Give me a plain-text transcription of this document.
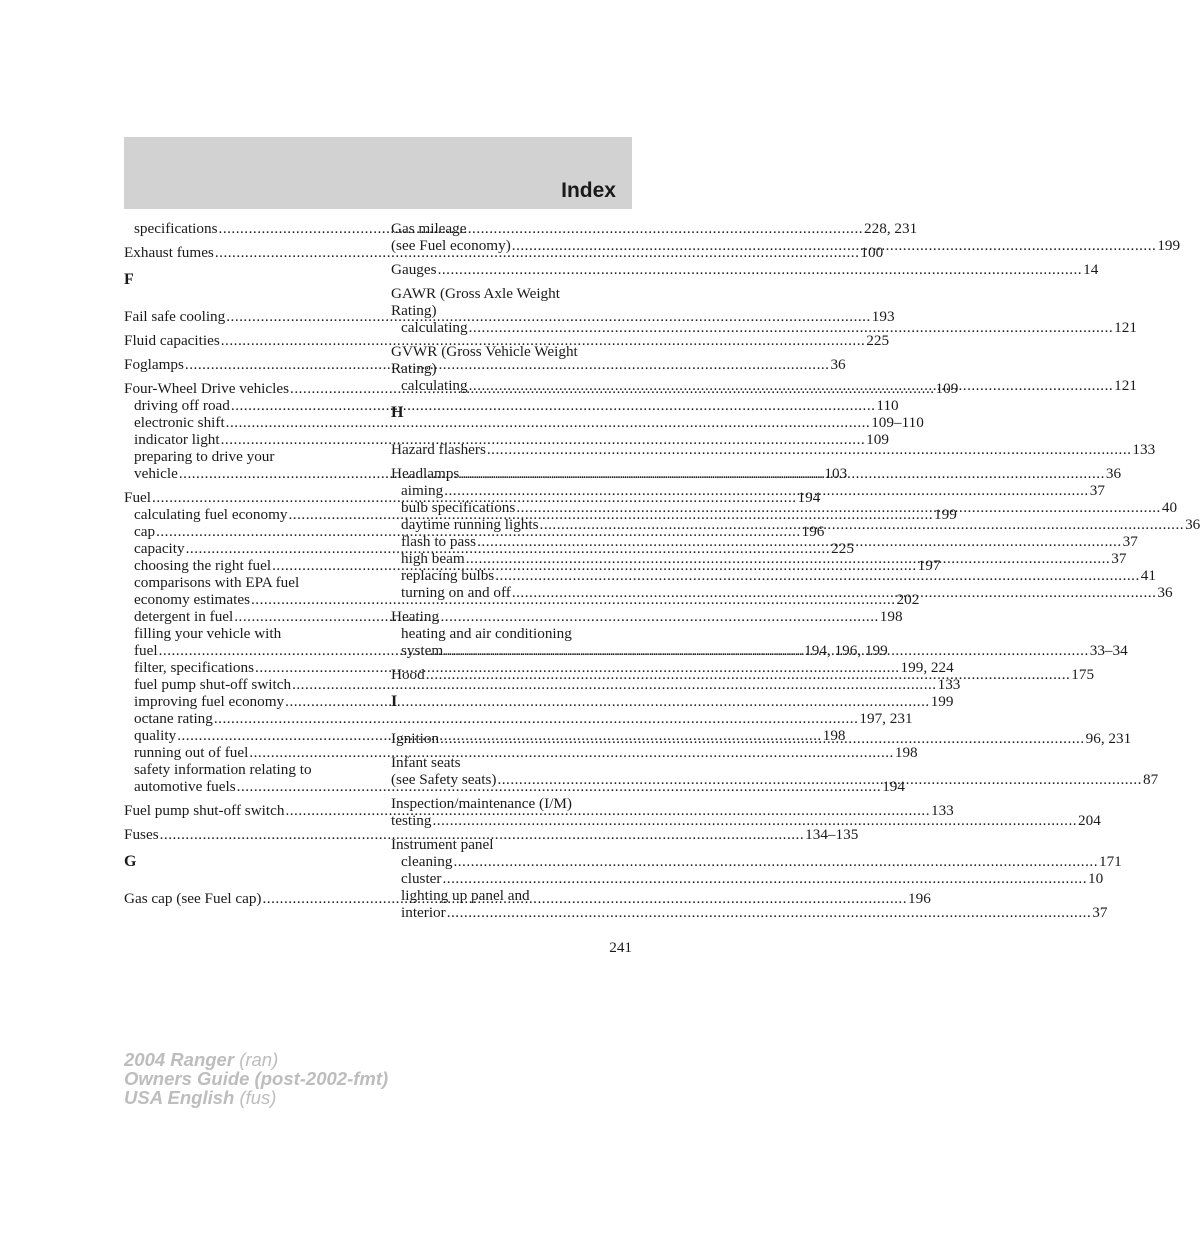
Index
specifications .....	228, 231
Exhaust fumes .....	100
F
Fail safe cooling .....	193
Fluid capacities .....	225
Foglamps .....	36
Four-Wheel Drive vehicles .....	109
driving off road .....	110
electronic shift .....	109–110
indicator light .....	109
preparing to drive your
vehicle .....	103
Fuel .....	194
calculating fuel economy .....	199
cap .....	196
capacity .....	225
choosing the right fuel .....	197
comparisons with EPA fuel
economy estimates .....	202
detergent in fuel .....	198
filling your vehicle with
fuel .....	194, 196, 199
filter, specifications .....	199, 224
fuel pump shut-off switch .....	133
improving fuel economy .....	199
octane rating .....	197, 231
quality .....	198
running out of fuel .....	198
safety information relating to
automotive fuels .....	194
Fuel pump shut-off switch .....	133
Fuses .....	134–135
G
Gas cap (see Fuel cap) .....	196
Gas mileage
(see Fuel economy) .....	199
Gauges .....	14
GAWR (Gross Axle Weight
Rating)
calculating .....	121
GVWR (Gross Vehicle Weight
Rating)
calculating .....	121
H
Hazard flashers .....	133
Headlamps .....	36
aiming .....	37
bulb specifications .....	40
daytime running lights .....	36
flash to pass .....	37
high beam .....	37
replacing bulbs .....	41
turning on and off .....	36
Heating
heating and air conditioning
system .....	33–34
Hood .....	175
I
Ignition .....	96, 231
Infant seats
(see Safety seats) .....	87
Inspection/maintenance (I/M)
testing .....	204
Instrument panel
cleaning .....	171
cluster .....	10
lighting up panel and
interior .....	37
241
2004 Ranger (ran)
Owners Guide (post-2002-fmt)
USA English (fus)
